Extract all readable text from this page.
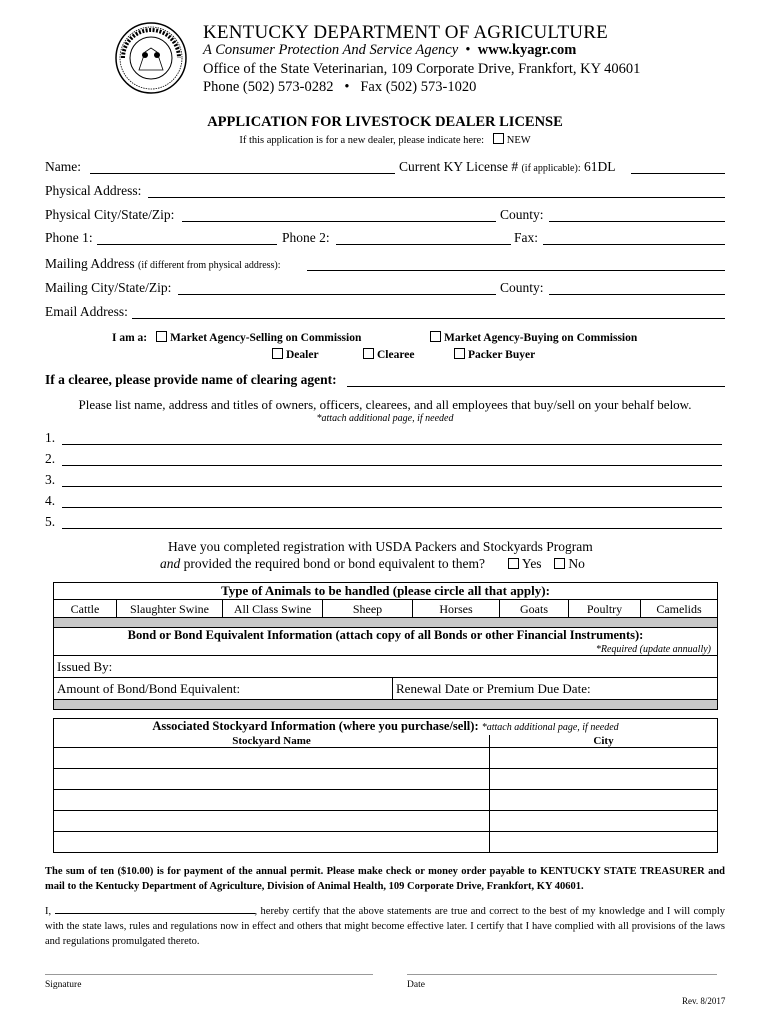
KENTUCKY DEPARTMENT OF AGRICULTURE
A Consumer Protection And Service Agency • www.kyagr.com
Office of the State Veterinarian, 109 Corporate Drive, Frankfort, KY 40601
Phone (502) 573-0282 • Fax (502) 573-1020
APPLICATION FOR LIVESTOCK DEALER LICENSE
If this application is for a new dealer, please indicate here: NEW
Name:	Current KY License # (if applicable): 61DL
Physical Address:
Physical City/State/Zip:	County:
Phone 1:	Phone 2:	Fax:
Mailing Address (if different from physical address):
Mailing City/State/Zip:	County:
Email Address:
I am a: Market Agency-Selling on Commission	Market Agency-Buying on Commission
Dealer	Clearee	Packer Buyer
If a clearee, please provide name of clearing agent:
Please list name, address and titles of owners, officers, clearees, and all employees that buy/sell on your behalf below.
*attach additional page, if needed
1.
2.
3.
4.
5.
Have you completed registration with USDA Packers and Stockyards Program
and provided the required bond or bond equivalent to them?	Yes No
Type of Animals to be handled (please circle all that apply):
Cattle	Slaughter Swine	All Class Swine	Sheep	Horses	Goats	Poultry	Camelids

Bond or Bond Equivalent Information (attach copy of all Bonds or other Financial Instruments):
*Required (update annually)
Issued By:
Amount of Bond/Bond Equivalent:	Renewal Date or Premium Due Date:

Associated Stockyard Information (where you purchase/sell): *attach additional page, if needed	
Stockyard Name	City

The sum of ten ($10.00) is for payment of the annual permit. Please make check or money order payable to KENTUCKY STATE TREASURER and mail to the Kentucky Department of Agriculture, Division of Animal Health, 109 Corporate Drive, Frankfort, KY 40601.
I,	, hereby certify that the above statements are true and correct to the best of my knowledge and I will comply with the state laws, rules and regulations now in effect and others that might become effective later. I certify that I have complied with all provisions of the laws and regulations promulgated thereto.
Signature	Date
Rev. 8/2017
